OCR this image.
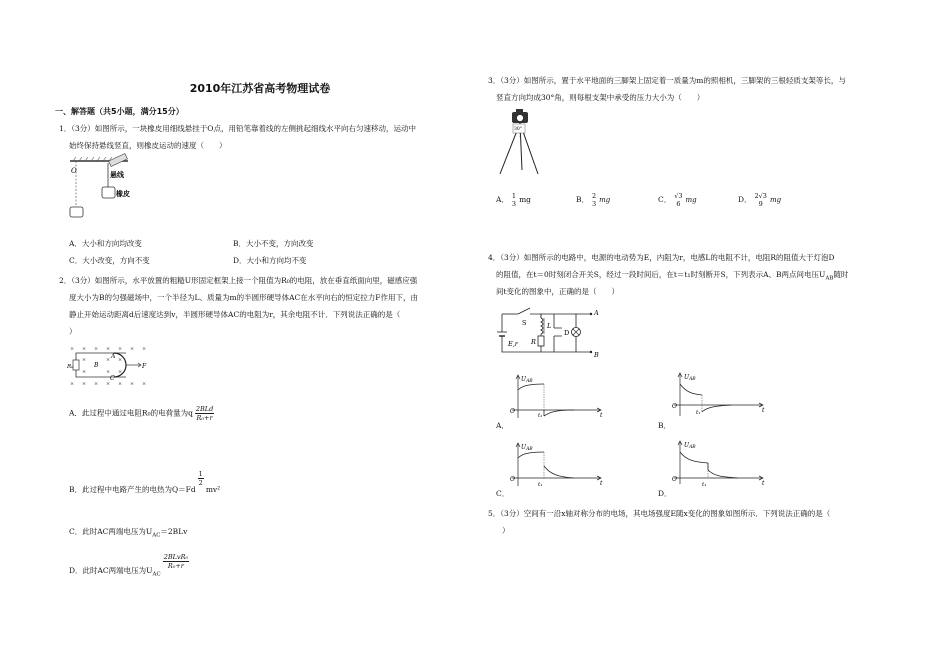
2010年江苏省高考物理试卷
一、解答题（共5小题，满分15分）
1．（3分）如图所示，一块橡皮用细线悬挂于O点，用铅笔靠着线的左侧挑起细线水平向右匀速移动，运动中
始终保持悬线竖直，则橡皮运动的速度（　　）
O	悬线
橡皮
A．大小和方向均改变	B．大小不变，方向改变
C．大小改变，方向不变	D．大小和方向均不变
2．（3分）如图所示，水平放置的粗糙U形固定框架上接一个阻值为R₀的电阻，放在垂直纸面向里，磁感应强
度大小为B的匀强磁场中，一个半径为L、质量为m的半圆形硬导体AC在水平向右的恒定拉力F作用下，由
静止开始运动距离d后速度达到v，半圆形硬导体AC的电阻为r，其余电阻不计．下列说法正确的是（
）
× × × × × × ×
×	× ×
×	× ×
× × × × × × ×
R₀	B
A
C
F
A．此过程中通过电阻R₀的电荷量为q $\frac{\text{2BLd}}{\text{R₀+r}}$
B．此过程中电路产生的电热为Q＝Fd
$\frac{1}{2}$
mv²
C．此时AC两端电压为$U_{AC}=2BLv$
D．此时AC两端电压为$U_{AC}$
$\frac{\text{2BLvR₀}}{\text{R₀+r}}$
3．（3分）如图所示，置于水平地面的三脚架上固定着一质量为m的照相机，三脚架的三根轻质支架等长，与
竖直方向均成30°角，则每根支架中承受的压力大小为（　　）
30°
A． 1
3 mg	B． 2
3 mg	C． √3
6 mg	D． 2√3
9	mg
4．（3分）如图所示的电路中，电源的电动势为E，内阻为r，电感L的电阻不计，电阻R的阻值大于灯泡D
的阻值，在t＝0时刻闭合开关S，经过一段时间后，在t＝t₁时刻断开S，下列表示A、B两点间电压$U_{AB}$随时
间t变化的图象中，正确的是（　　）
S	L
D
A
B
E,r R
UAB
O
t₁	t
A．
UAB
O
t₁	t
B．
UAB
O
t₁	t
C．
UAB
O
t₁	t
D．
5．（3分）空间有一沿x轴对称分布的电场，其电场强度E随x变化的图象如图所示．下列说法正确的是（
）
